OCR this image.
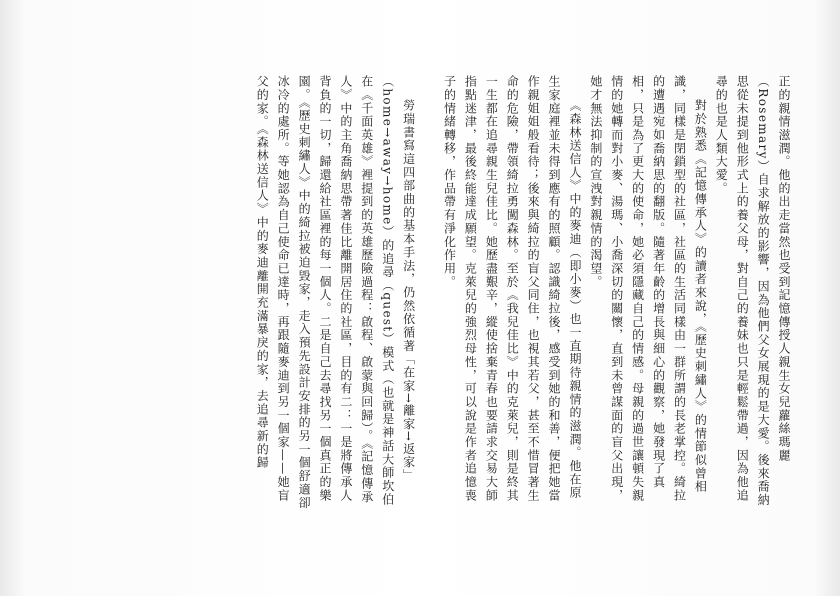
正的親情滋潤。他的出走當然也受到記憶傳授人親生女兒蘿絲瑪麗（Rosemary）自求解放的影響，因為他們父女展現的是大愛。後來喬納思從未提到他形式上的養父母，對自己的養妹也只是輕鬆帶過，因為他追尋的也是人類大愛。

對於熟悉《記憶傳承人》的讀者來說，《歷史刺繡人》的情節似曾相識，同樣是閉鎖型的社區，社區的生活同樣由一群所謂的長老掌控。綺拉的遭遇宛如喬納思的翻版。隨著年齡的增長與細心的觀察，她發現了真相，只是為了更大的使命，她必須隱藏自己的情感。母親的過世讓頓失親情的她轉而對小麥、湯瑪、小喬深切的關懷，直到未曾謀面的盲父出現，她才無法抑制的宣洩對親情的渴望。

《森林送信人》中的麥迪（即小麥）也一直期待親情的滋潤。他在原生家庭裡並未得到應有的照顧。認識綺拉後，感受到她的和善，便把她當作親姐姐般看待；後來與綺拉的盲父同住，也視其若父，甚至不惜冒著生命的危險，帶領綺拉勇闖森林。至於《我兒佳比》中的克萊兒，則是終其一生都在追尋親生兒佳比。她歷盡艱辛，縱使捨棄青春也要請求交易大師指點迷津，最後終能達成願望。克萊兒的強烈母性，可以說是作者追憶喪子的情緒轉移，作品帶有淨化作用。

勞瑞書寫這四部曲的基本手法，仍然依循著「在家→離家→返家」（home→away→home）的追尋（quest）模式（也就是神話大師坎伯在《千面英雄》裡提到的英雄歷險過程：啟程、啟蒙與回歸）。《記憶傳承人》中的主角喬納思帶著佳比離開居住的社區，目的有二：一是將傳承人背負的一切，歸還給社區裡的每一個人。二是自己去尋找另一個真正的樂園。《歷史刺繡人》中的綺拉被迫毀家，走入預先設計安排的另一個舒適卻冰冷的處所。等她認為自己使命已達時，再跟隨麥迪到另一個家——她盲父的家。《森林送信人》中的麥迪離開充滿暴戾的家，去追尋新的歸
